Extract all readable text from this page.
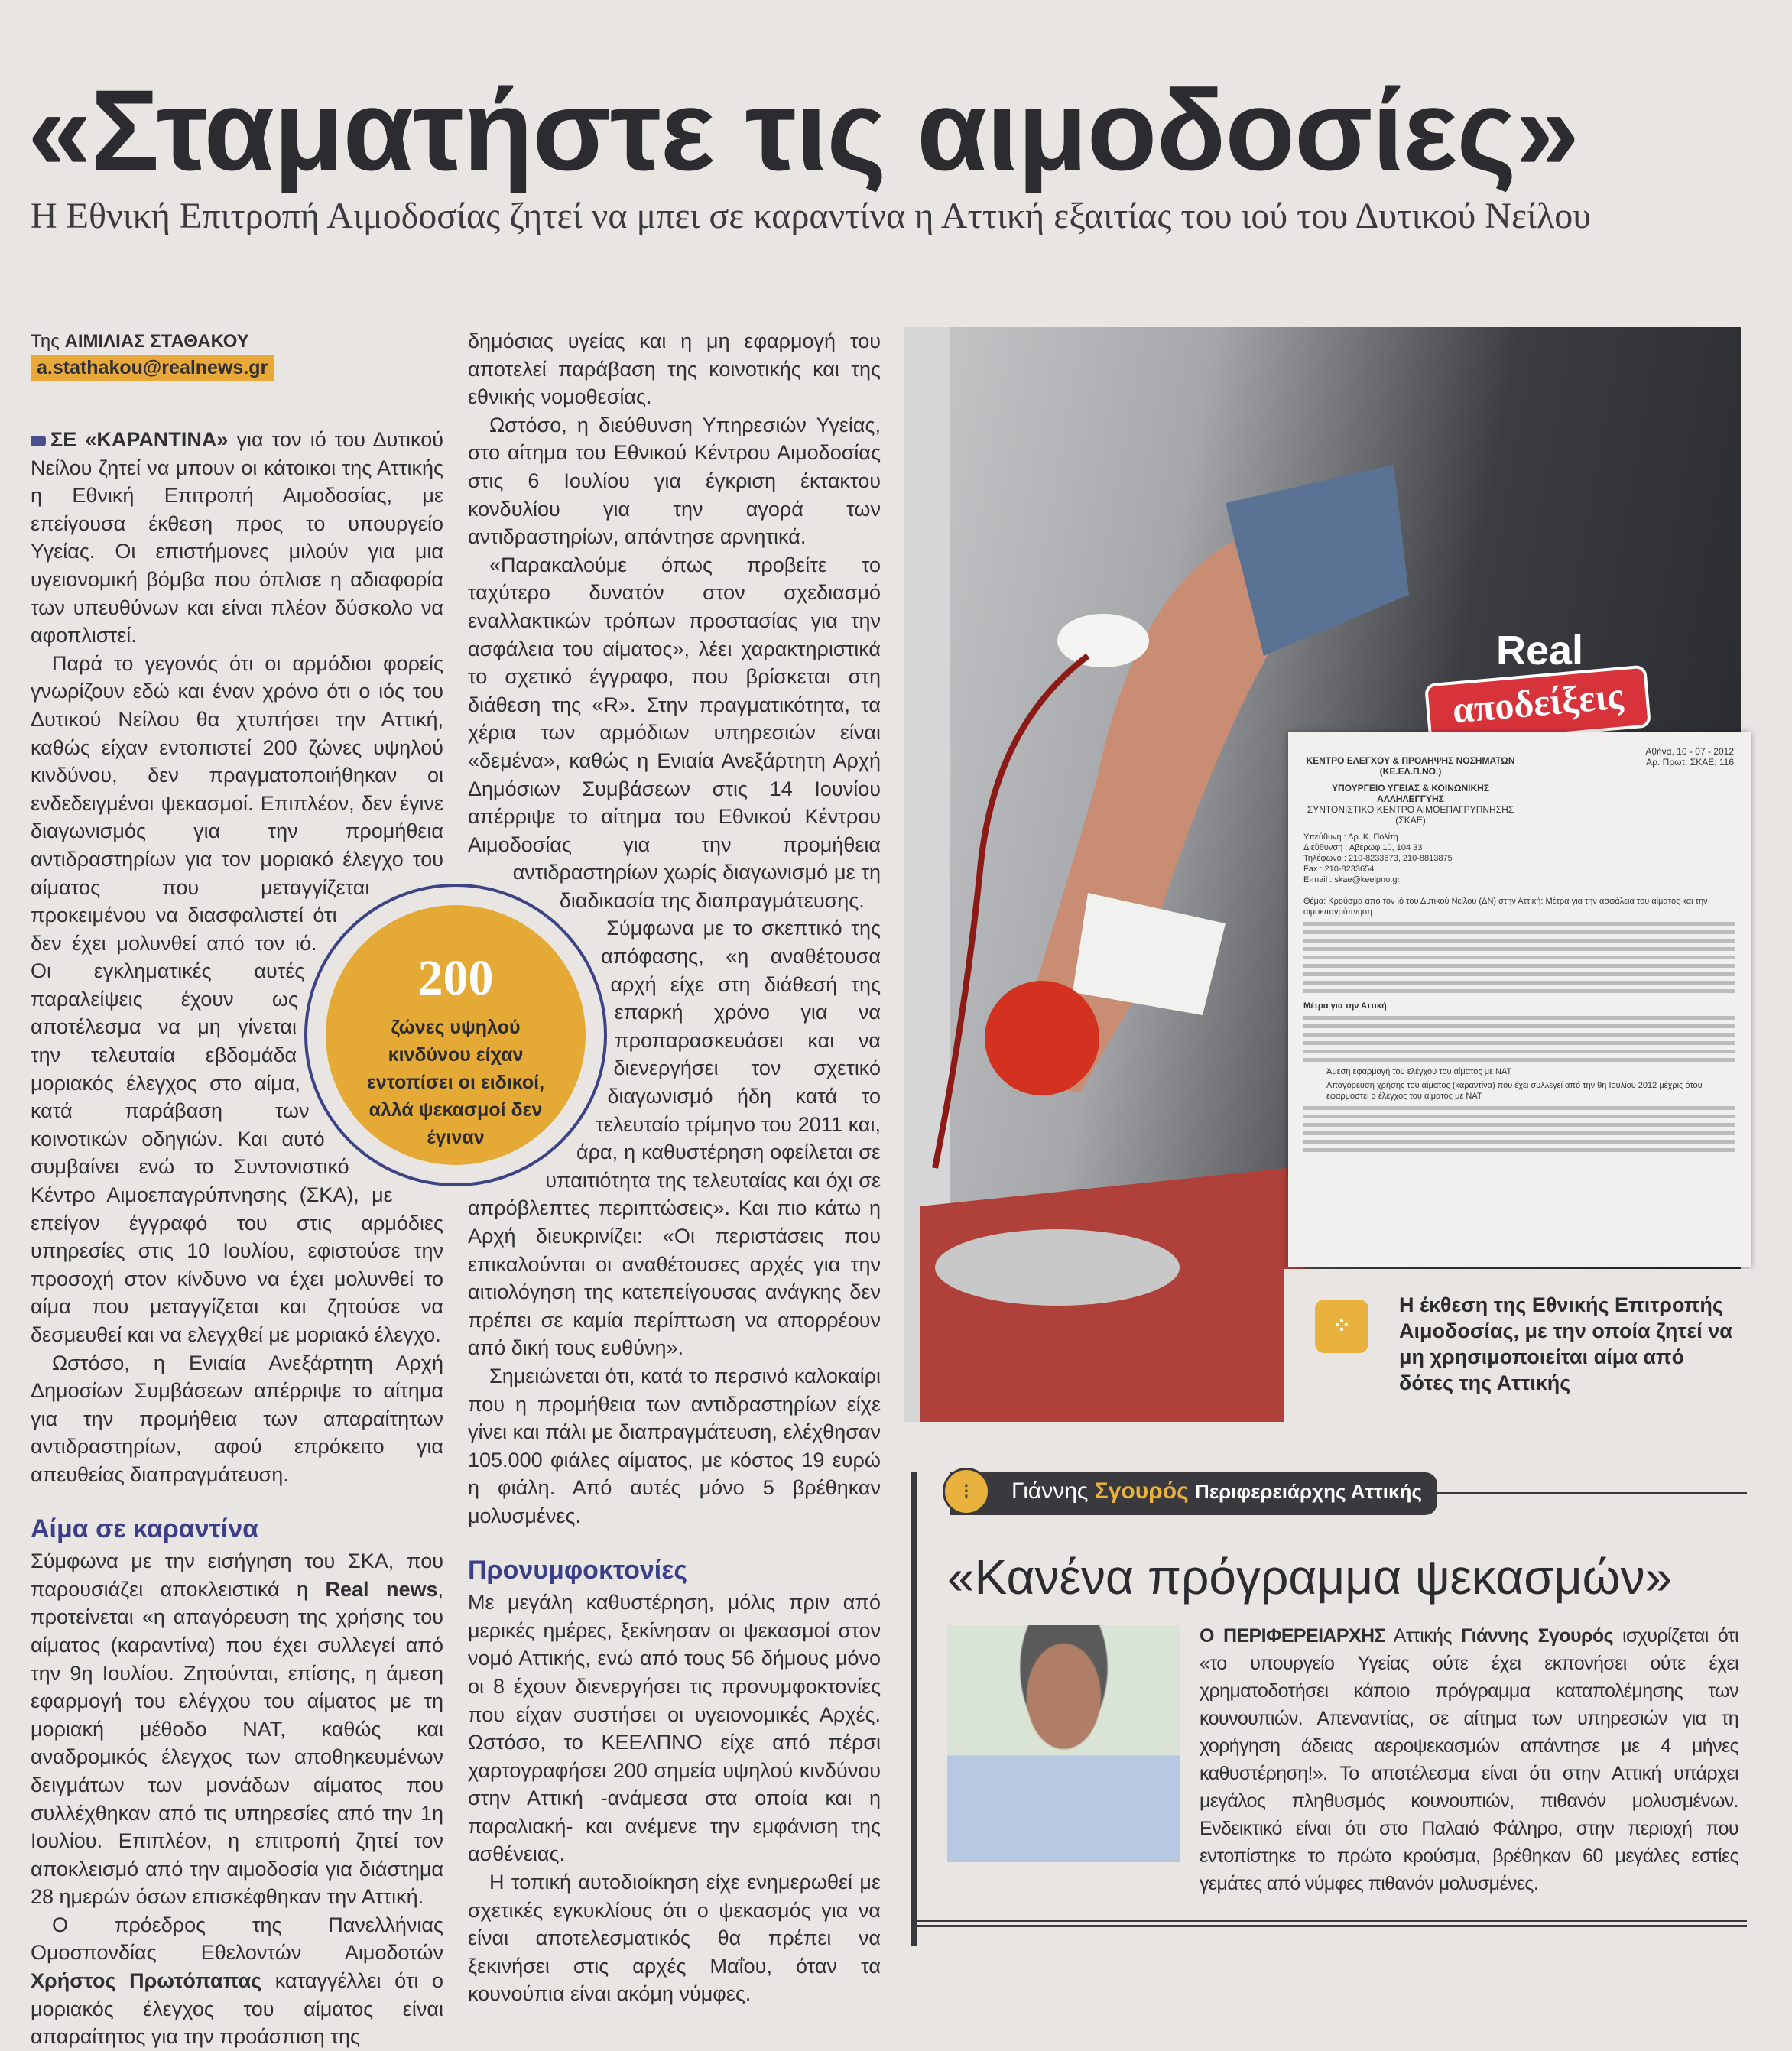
«Σταματήστε τις αιμοδοσίες»
Η Εθνική Επιτροπή Αιμοδοσίας ζητεί να μπει σε καραντίνα η Αττική εξαιτίας του ιού του Δυτικού Νείλου
Της ΑΙΜΙΛΙΑΣ ΣΤΑΘΑΚΟΥ
a.stathakou@realnews.gr

ΣΕ «ΚΑΡΑΝΤΙΝΑ» για τον ιό του Δυτικού Νείλου ζητεί να μπουν οι κάτοικοι της Αττικής η Εθνική Επιτροπή Αιμοδοσίας, με επείγουσα έκθεση προς το υπουργείο Υγείας. Οι επιστήμονες μιλούν για μια υγειονομική βόμβα που όπλισε η αδιαφορία των υπευθύνων και είναι πλέον δύσκολο να αφοπλιστεί.

Παρά το γεγονός ότι οι αρμόδιοι φορείς γνωρίζουν εδώ και έναν χρόνο ότι ο ιός του Δυτικού Νείλου θα χτυπήσει την Αττική, καθώς είχαν εντοπιστεί 200 ζώνες υψηλού κινδύνου, δεν πραγματοποιήθηκαν οι ενδεδειγμένοι ψεκασμοί. Επιπλέον, δεν έγινε διαγωνισμός για την προμήθεια αντιδραστηρίων για τον μοριακό έλεγχο του αίματος που μεταγγίζεται προκειμένου να διασφαλιστεί ότι δεν έχει μολυνθεί από τον ιό. Οι εγκληματικές αυτές παραλείψεις έχουν ως αποτέλεσμα να μη γίνεται την τελευταία εβδομάδα μοριακός έλεγχος στο αίμα, κατά παράβαση των κοινοτικών οδηγιών. Και αυτό συμβαίνει ενώ το Συντονιστικό Κέντρο Αιμοεπαγρύπνησης (ΣΚΑ), με επείγον έγγραφό του στις αρμόδιες υπηρεσίες στις 10 Ιουλίου, εφιστούσε την προσοχή στον κίνδυνο να έχει μολυνθεί το αίμα που μεταγγίζεται και ζητούσε να δεσμευθεί και να ελεγχθεί με μοριακό έλεγχο.

Ωστόσο, η Ενιαία Ανεξάρτητη Αρχή Δημοσίων Συμβάσεων απέρριψε το αίτημα για την προμήθεια των απαραίτητων αντιδραστηρίων, αφού επρόκειτο για απευθείας διαπραγμάτευση.

Αίμα σε καραντίνα

Σύμφωνα με την εισήγηση του ΣΚΑ, που παρουσιάζει αποκλειστικά η Real news, προτείνεται «η απαγόρευση της χρήσης του αίματος (καραντίνα) που έχει συλλεγεί από την 9η Ιουλίου. Ζητούνται, επίσης, η άμεση εφαρμογή του ελέγχου του αίματος με τη μοριακή μέθοδο NAT, καθώς και αναδρομικός έλεγχος των αποθηκευμένων δειγμάτων των μονάδων αίματος που συλλέχθηκαν από τις υπηρεσίες από την 1η Ιουλίου. Επιπλέον, η επιτροπή ζητεί τον αποκλεισμό από την αιμοδοσία για διάστημα 28 ημερών όσων επισκέφθηκαν την Αττική.

Ο πρόεδρος της Πανελλήνιας Ομοσπονδίας Εθελοντών Αιμοδοτών Χρήστος Πρωτόπαπας καταγγέλλει ότι ο μοριακός έλεγχος του αίματος είναι απαραίτητος για την προάσπιση της

δημόσιας υγείας και η μη εφαρμογή του αποτελεί παράβαση της κοινοτικής και της εθνικής νομοθεσίας.

Ωστόσο, η διεύθυνση Υπηρεσιών Υγείας, στο αίτημα του Εθνικού Κέντρου Αιμοδοσίας στις 6 Ιουλίου για έγκριση έκτακτου κονδυλίου για την αγορά των αντιδραστηρίων, απάντησε αρνητικά.

«Παρακαλούμε όπως προβείτε το ταχύτερο δυνατόν στον σχεδιασμό εναλλακτικών τρόπων προστασίας για την ασφάλεια του αίματος», λέει χαρακτηριστικά το σχετικό έγγραφο, που βρίσκεται στη διάθεση της «R». Στην πραγματικότητα, τα χέρια των αρμόδιων υπηρεσιών είναι «δεμένα», καθώς η Ενιαία Ανεξάρτητη Αρχή Δημόσιων Συμβάσεων στις 14 Ιουνίου απέρριψε το αίτημα του Εθνικού Κέντρου Αιμοδοσίας για την προμήθεια αντιδραστηρίων χωρίς διαγωνισμό με τη διαδικασία της διαπραγμάτευσης.

Σύμφωνα με το σκεπτικό της απόφασης, «η αναθέτουσα αρχή είχε στη διάθεσή της επαρκή χρόνο για να προπαρασκευάσει και να διενεργήσει τον σχετικό διαγωνισμό ήδη κατά το τελευταίο τρίμηνο του 2011 και, άρα, η καθυστέρηση οφείλεται σε υπαιτιότητα της τελευταίας και όχι σε απρόβλεπτες περιπτώσεις». Και πιο κάτω η Αρχή διευκρινίζει: «Οι περιστάσεις που επικαλούνται οι αναθέτουσες αρχές για την αιτιολόγηση της κατεπείγουσας ανάγκης δεν πρέπει σε καμία περίπτωση να απορρέουν από δική τους ευθύνη».

Σημειώνεται ότι, κατά το περσινό καλοκαίρι που η προμήθεια των αντιδραστηρίων είχε γίνει και πάλι με διαπραγμάτευση, ελέχθησαν 105.000 φιάλες αίματος, με κόστος 19 ευρώ η φιάλη. Από αυτές μόνο 5 βρέθηκαν μολυσμένες.

Προνυμφοκτονίες

Με μεγάλη καθυστέρηση, μόλις πριν από μερικές ημέρες, ξεκίνησαν οι ψεκασμοί στον νομό Αττικής, ενώ από τους 56 δήμους μόνο οι 8 έχουν διενεργήσει τις προνυμφοκτονίες που είχαν συστήσει οι υγειονομικές Αρχές. Ωστόσο, το ΚΕΕΛΠΝΟ είχε από πέρσι χαρτογραφήσει 200 σημεία υψηλού κινδύνου στην Αττική -ανάμεσα στα οποία και η παραλιακή- και ανέμενε την εμφάνιση της ασθένειας.

Η τοπική αυτοδιοίκηση είχε ενημερωθεί με σχετικές εγκυκλίους ότι ο ψεκασμός για να είναι αποτελεσματικός θα πρέπει να ξεκινήσει στις αρχές Μαΐου, όταν τα κουνούπια είναι ακόμη νύμφες.

200
ζώνες υψηλού κινδύνου είχαν εντοπίσει οι ειδικοί, αλλά ψεκασμοί δεν έγιναν
Real
αποδείξεις
Αθήνα, 10 - 07 - 2012
Αρ. Πρωτ. ΣΚΑΕ: 116
ΚΕΝΤΡΟ ΕΛΕΓΧΟΥ & ΠΡΟΛΗΨΗΣ ΝΟΣΗΜΑΤΩΝ (ΚΕ.ΕΛ.Π.ΝΟ.)
ΥΠΟΥΡΓΕΙΟ ΥΓΕΙΑΣ & ΚΟΙΝΩΝΙΚΗΣ ΑΛΛΗΛΕΓΓΥΗΣ
ΣΥΝΤΟΝΙΣΤΙΚΟ ΚΕΝΤΡΟ ΑΙΜΟΕΠΑΓΡΥΠΝΗΣΗΣ (ΣΚΑΕ)
Υπεύθυνη : Δρ. Κ. Πολίτη
Διεύθυνση : Αβέρωφ 10, 104 33
Τηλέφωνο : 210-8233673, 210-8813875
Fax : 210-8233654
E-mail : skae@keelpno.gr
Θέμα: Κρούσμα από τον ιό του Δυτικού Νείλου (ΔΝ) στην Αττική: Μέτρα για την ασφάλεια του αίματος και την αιμοεπαγρύπνηση
Μέτρα για την Αττική
Άμεση εφαρμογή του ελέγχου του αίματος με NAT
Απαγόρευση χρήσης του αίματος (καραντίνα) που έχει συλλεγεί από την 9η Ιουλίου 2012 μέχρις ότου εφαρμοστεί ο έλεγχος του αίματος με NAT
⁘
Η έκθεση της Εθνικής Επιτροπής Αιμοδοσίας, με την οποία ζητεί να μη χρησιμοποιείται αίμα από δότες της Αττικής
⁝	Γιάννης Σγουρός Περιφερειάρχης Αττικής
«Κανένα πρόγραμμα ψεκασμών»
Ο ΠΕΡΙΦΕΡΕΙΑΡΧΗΣ Αττικής Γιάννης Σγουρός ισχυρίζεται ότι «το υπουργείο Υγείας ούτε έχει εκπονήσει ούτε έχει χρηματοδοτήσει κάποιο πρόγραμμα καταπολέμησης των κουνουπιών. Απεναντίας, σε αίτημα των υπηρεσιών για τη χορήγηση άδειας αεροψεκασμών απάντησε με 4 μήνες καθυστέρηση!». Το αποτέλεσμα είναι ότι στην Αττική υπάρχει μεγάλος πληθυσμός κουνουπιών, πιθανόν μολυσμένων. Ενδεικτικό είναι ότι στο Παλαιό Φάληρο, στην περιοχή που εντοπίστηκε το πρώτο κρούσμα, βρέθηκαν 60 μεγάλες εστίες γεμάτες από νύμφες πιθανόν μολυσμένες.
